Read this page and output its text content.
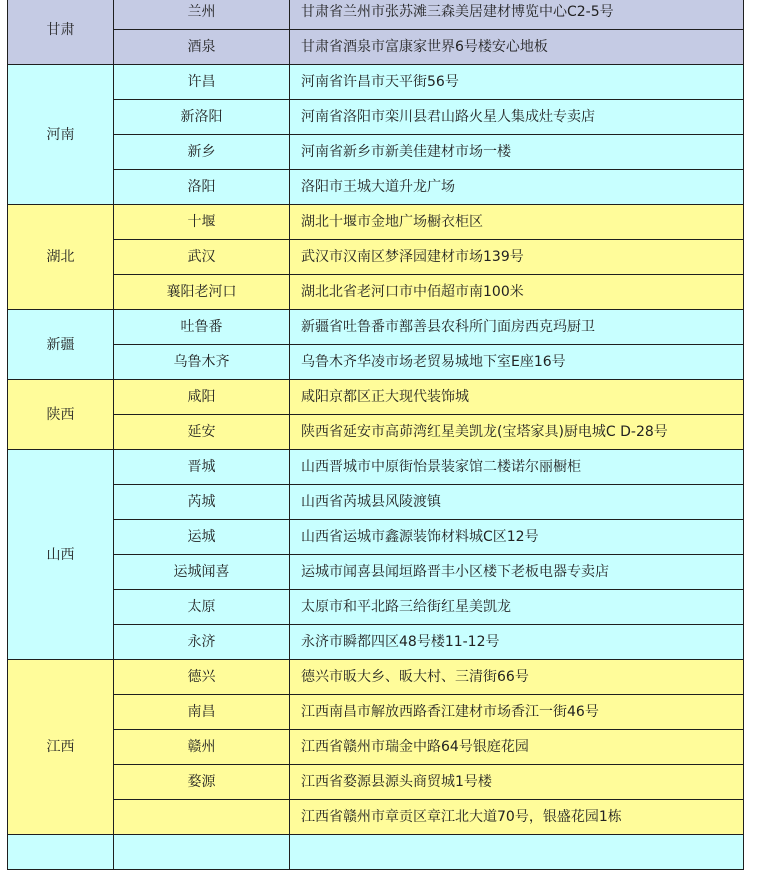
甘肃	兰州	甘肃省兰州市张苏滩三森美居建材博览中心C2-5号
	酒泉	甘肃省酒泉市富康家世界6号楼安心地板
河南	许昌	河南省许昌市天平街56号
	新洛阳	河南省洛阳市栾川县君山路火星人集成灶专卖店
	新乡	河南省新乡市新美佳建材市场一楼
	洛阳	洛阳市王城大道升龙广场
湖北	十堰	湖北十堰市金地广场橱衣柜区
	武汉	武汉市汉南区梦泽园建材市场139号
	襄阳老河口	湖北北省老河口市中佰超市南100米
新疆	吐鲁番	新疆省吐鲁番市鄯善县农科所门面房西克玛厨卫
	乌鲁木齐	乌鲁木齐华凌市场老贸易城地下室E座16号
陕西	咸阳	咸阳京都区正大现代装饰城
	延安	陕西省延安市高茆湾红星美凯龙(宝塔家具)厨电城C D-28号
山西	晋城	山西晋城市中原街怡景装家馆二楼诺尔丽橱柜
	芮城	山西省芮城县风陵渡镇
	运城	山西省运城市鑫源装饰材料城C区12号
	运城闻喜	运城市闻喜县闻垣路晋丰小区楼下老板电器专卖店
	太原	太原市和平北路三给街红星美凯龙
	永济	永济市瞬都四区48号楼11-12号
江西	德兴	德兴市昄大乡、昄大村、三清街66号
	南昌	江西南昌市解放西路香江建材市场香江一街46号
	赣州	江西省赣州市瑞金中路64号银庭花园
	婺源	江西省婺源县源头商贸城1号楼
		江西省赣州市章贡区章江北大道70号，银盛花园1栋
